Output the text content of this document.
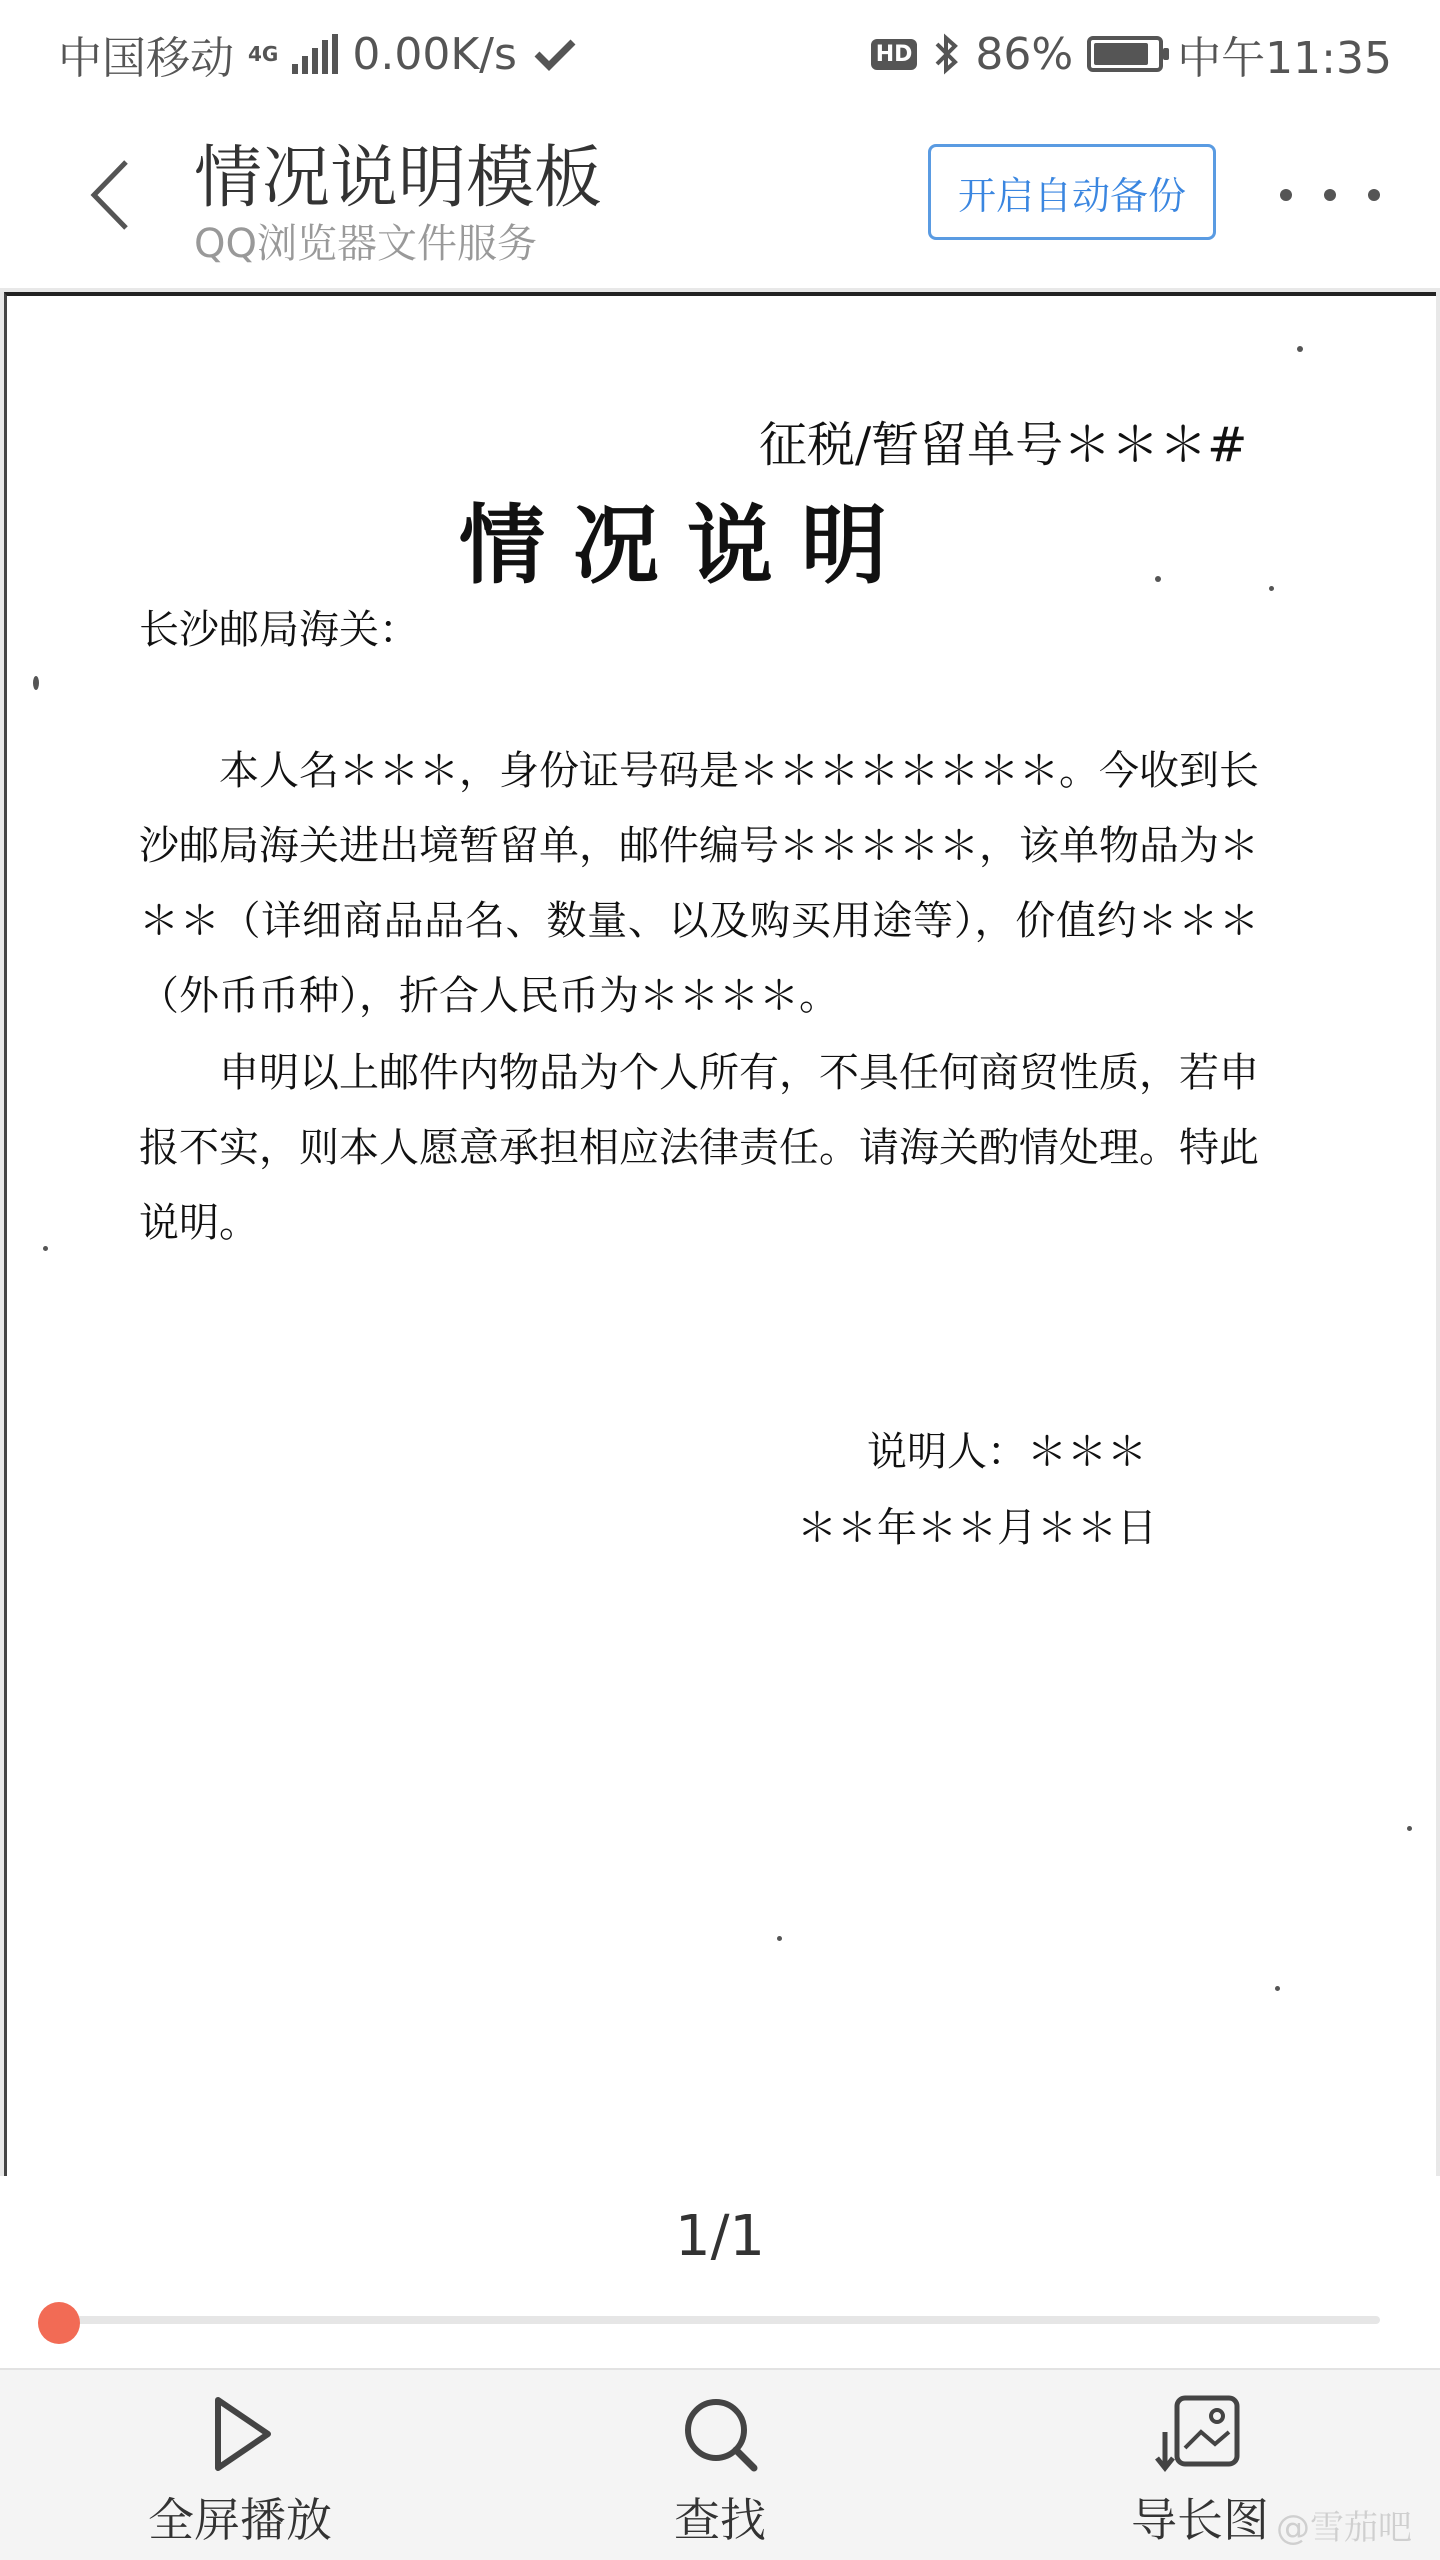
中国移动 4G 0.00K/s	HD 86% 中午11:35
情况说明模板
QQ浏览器文件服务
开启自动备份
征税/暂留单号＊＊＊#
情况说明
长沙邮局海关：
本人名＊＊＊，身份证号码是＊＊＊＊＊＊＊＊。今收到长沙邮局海关进出境暂留单，邮件编号＊＊＊＊＊，该单物品为＊＊＊（详细商品品名、数量、以及购买用途等），价值约＊＊＊（外币币种），折合人民币为＊＊＊＊。
申明以上邮件内物品为个人所有，不具任何商贸性质，若申报不实，则本人愿意承担相应法律责任。请海关酌情处理。特此说明。
说明人：＊＊＊
＊＊年＊＊月＊＊日
1/1
全屏播放	查找	导长图 @雪茄吧
